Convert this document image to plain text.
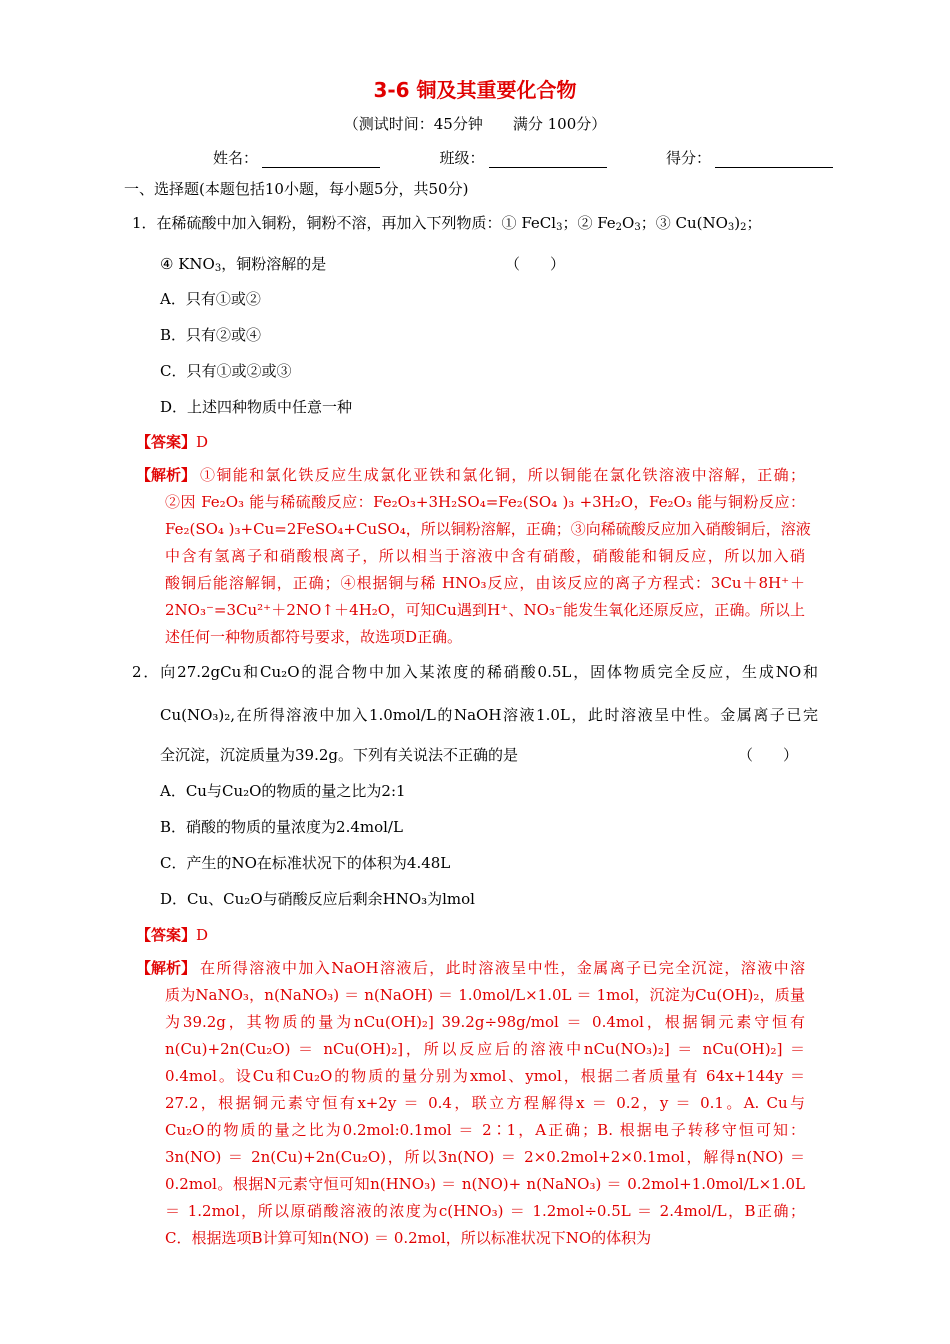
3-6 铜及其重要化合物
（测试时间：45分钟　　满分 100分）
姓名：	班级：	得分：
一、选择题(本题包括10小题，每小题5分，共50分)
1．在稀硫酸中加入铜粉，铜粉不溶，再加入下列物质：① FeCl$_3$；② $Fe_2O_3$；③ $Cu(NO_3)_2$；
④ $KNO_3$，铜粉溶解的是	（　　）
A．只有①或②
B．只有②或④
C．只有①或②或③
D．上述四种物质中任意一种
【答案】D
【解析】 ①铜能和氯化铁反应生成氯化亚铁和氯化铜，所以铜能在氯化铁溶液中溶解，正确；
②因 Fe₂O₃ 能与稀硫酸反应：Fe₂O₃+3H₂SO₄=Fe₂(SO₄ )₃ +3H₂O，Fe₂O₃ 能与铜粉反应：
Fe₂(SO₄ )₃+Cu=2FeSO₄+CuSO₄，所以铜粉溶解，正确；③向稀硫酸反应加入硝酸铜后，溶液
中含有氢离子和硝酸根离子，所以相当于溶液中含有硝酸，硝酸能和铜反应，所以加入硝
酸铜后能溶解铜，正确；④根据铜与稀 HNO₃反应，由该反应的离子方程式：3Cu＋8H⁺＋
2NO₃⁻=3Cu²⁺＋2NO↑＋4H₂O，可知Cu遇到H⁺、NO₃⁻能发生氧化还原反应，正确。所以上
述任何一种物质都符号要求，故选项D正确。
2．向27.2gCu和Cu₂O的混合物中加入某浓度的稀硝酸0.5L，固体物质完全反应，生成NO和
Cu(NO₃)₂,在所得溶液中加入1.0mol/L的NaOH溶液1.0L，此时溶液呈中性。金属离子已完
全沉淀，沉淀质量为39.2g。下列有关说法不正确的是	（　　）
A．Cu与Cu₂O的物质的量之比为2:1
B．硝酸的物质的量浓度为2.4mol/L
C．产生的NO在标准状况下的体积为4.48L
D．Cu、Cu₂O与硝酸反应后剩余HNO₃为lmol
【答案】D
【解析】 在所得溶液中加入NaOH溶液后，此时溶液呈中性，金属离子已完全沉淀，溶液中溶
质为NaNO₃，n(NaNO₃) ＝ n(NaOH) ＝ 1.0mol/L×1.0L ＝ 1mol，沉淀为Cu(OH)₂，质量
为39.2g，其物质的量为nCu(OH)₂] 39.2g÷98g/mol ＝ 0.4mol，根据铜元素守恒有
n(Cu)+2n(Cu₂O) ＝ nCu(OH)₂]，所以反应后的溶液中nCu(NO₃)₂] ＝ nCu(OH)₂] ＝
0.4mol。设Cu和Cu₂O的物质的量分别为xmol、ymol，根据二者质量有 64x+144y ＝
27.2，根据铜元素守恒有x+2y ＝ 0.4，联立方程解得x ＝ 0.2，y ＝ 0.1。A. Cu与
Cu₂O的物质的量之比为0.2mol:0.1mol ＝ 2∶1，A正确；B. 根据电子转移守恒可知：
3n(NO) ＝ 2n(Cu)+2n(Cu₂O)，所以3n(NO) ＝ 2×0.2mol+2×0.1mol，解得n(NO) ＝
0.2mol。根据N元素守恒可知n(HNO₃) ＝ n(NO)+ n(NaNO₃) ＝ 0.2mol+1.0mol/L×1.0L
＝ 1.2mol，所以原硝酸溶液的浓度为c(HNO₃) ＝ 1.2mol÷0.5L ＝ 2.4mol/L，B正确；
C．根据选项B计算可知n(NO) ＝ 0.2mol，所以标准状况下NO的体积为
